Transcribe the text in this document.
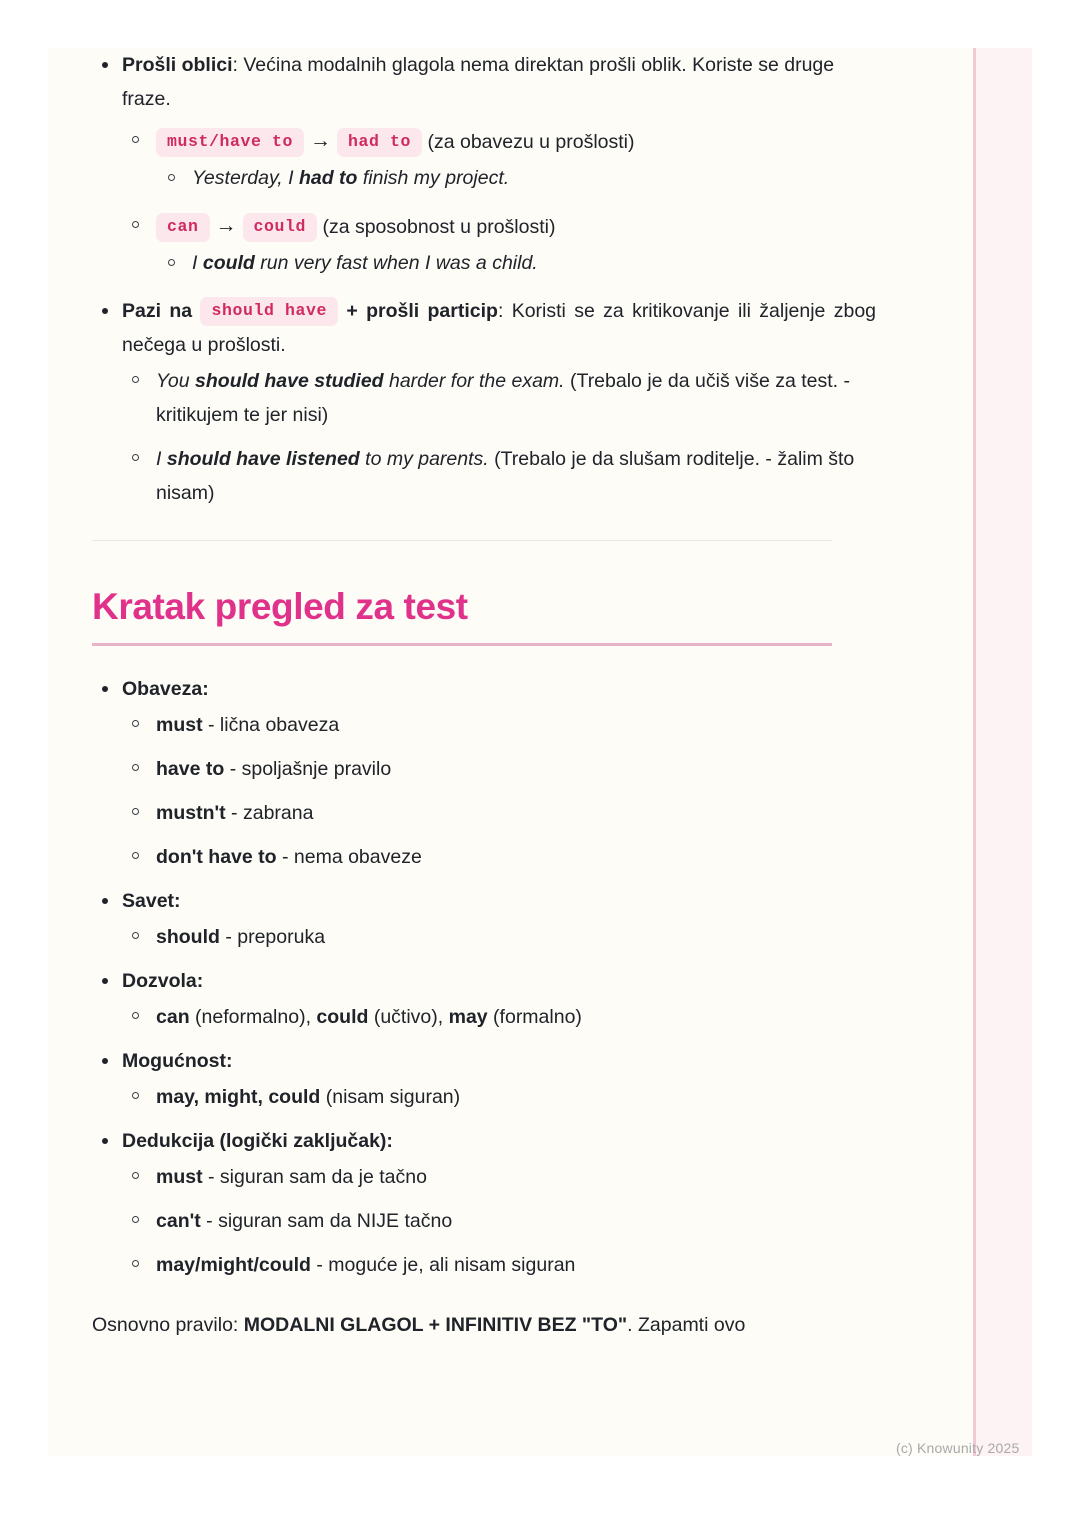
Prošli oblici: Većina modalnih glagola nema direktan prošli oblik. Koriste se druge fraze.
must/have to → had to (za obavezu u prošlosti)
Yesterday, I had to finish my project.
can → could (za sposobnost u prošlosti)
I could run very fast when I was a child.
Pazi na should have + prošli particip: Koristi se za kritikovanje ili žaljenje zbog nečega u prošlosti.
You should have studied harder for the exam. (Trebalo je da učiš više za test. - kritikujem te jer nisi)
I should have listened to my parents. (Trebalo je da slušam roditelje. - žalim što nisam)
Kratak pregled za test
Obaveza:
must - lična obaveza
have to - spoljašnje pravilo
mustn't - zabrana
don't have to - nema obaveze
Savet:
should - preporuka
Dozvola:
can (neformalno), could (učtivo), may (formalno)
Mogućnost:
may, might, could (nisam siguran)
Dedukcija (logički zaključak):
must - siguran sam da je tačno
can't - siguran sam da NIJE tačno
may/might/could - moguće je, ali nisam siguran
Osnovno pravilo: MODALNI GLAGOL + INFINITIV BEZ "TO". Zapamti ovo
(c) Knowunity 2025
